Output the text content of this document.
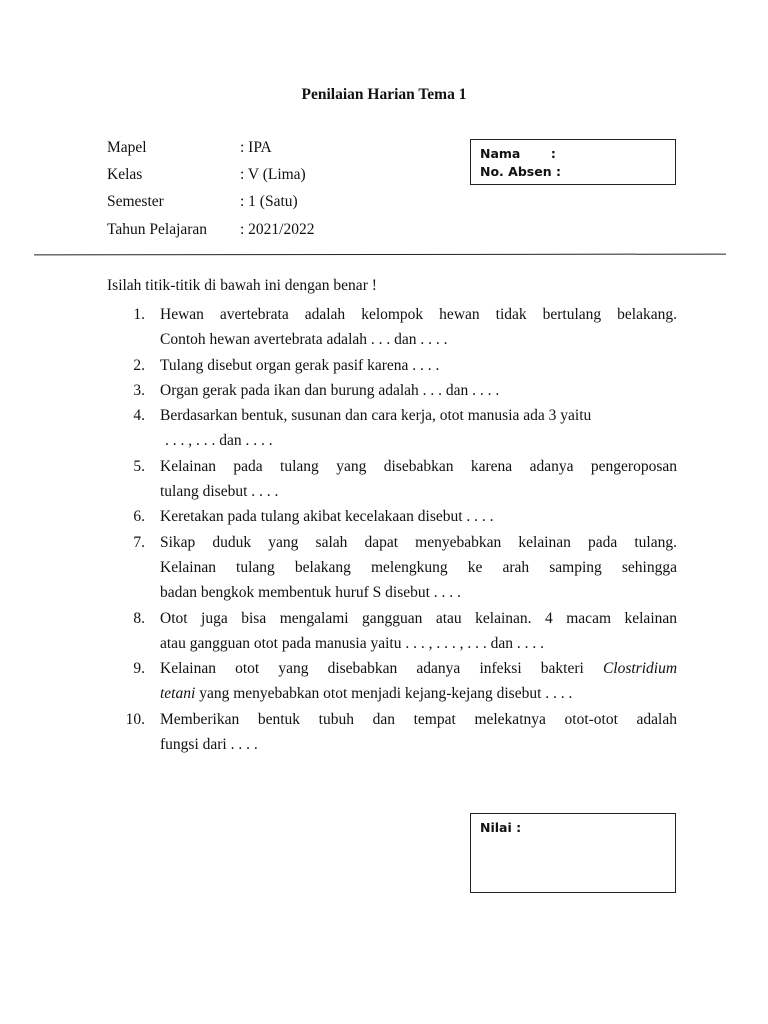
Penilaian Harian Tema 1
Mapel	: IPA
Kelas	: V (Lima)
Semester	: 1 (Satu)
Tahun Pelajaran : 2021/2022
Nama       :
No. Absen :
Isilah titik-titik di bawah ini dengan benar !
1. Hewan avertebrata adalah kelompok hewan tidak bertulang belakang.
Contoh hewan avertebrata adalah . . . dan . . . .
2. Tulang disebut organ gerak pasif karena . . . .
3. Organ gerak pada ikan dan burung adalah . . . dan . . . .
4. Berdasarkan bentuk, susunan dan cara kerja, otot manusia ada 3 yaitu
. . . , . . . dan . . . .
5. Kelainan pada tulang yang disebabkan karena adanya pengeroposan
tulang disebut . . . .
6. Keretakan pada tulang akibat kecelakaan disebut . . . .
7. Sikap duduk yang salah dapat menyebabkan kelainan pada tulang.
Kelainan tulang belakang melengkung ke arah samping sehingga
badan bengkok membentuk huruf S disebut . . . .
8. Otot juga bisa mengalami gangguan atau kelainan. 4 macam kelainan
atau gangguan otot pada manusia yaitu . . . , . . . , . . . dan . . . .
9. Kelainan otot yang disebabkan adanya infeksi bakteri Clostridium
tetani yang menyebabkan otot menjadi kejang-kejang disebut . . . .
10. Memberikan bentuk tubuh dan tempat melekatnya otot-otot adalah
fungsi dari . . . .
Nilai :
